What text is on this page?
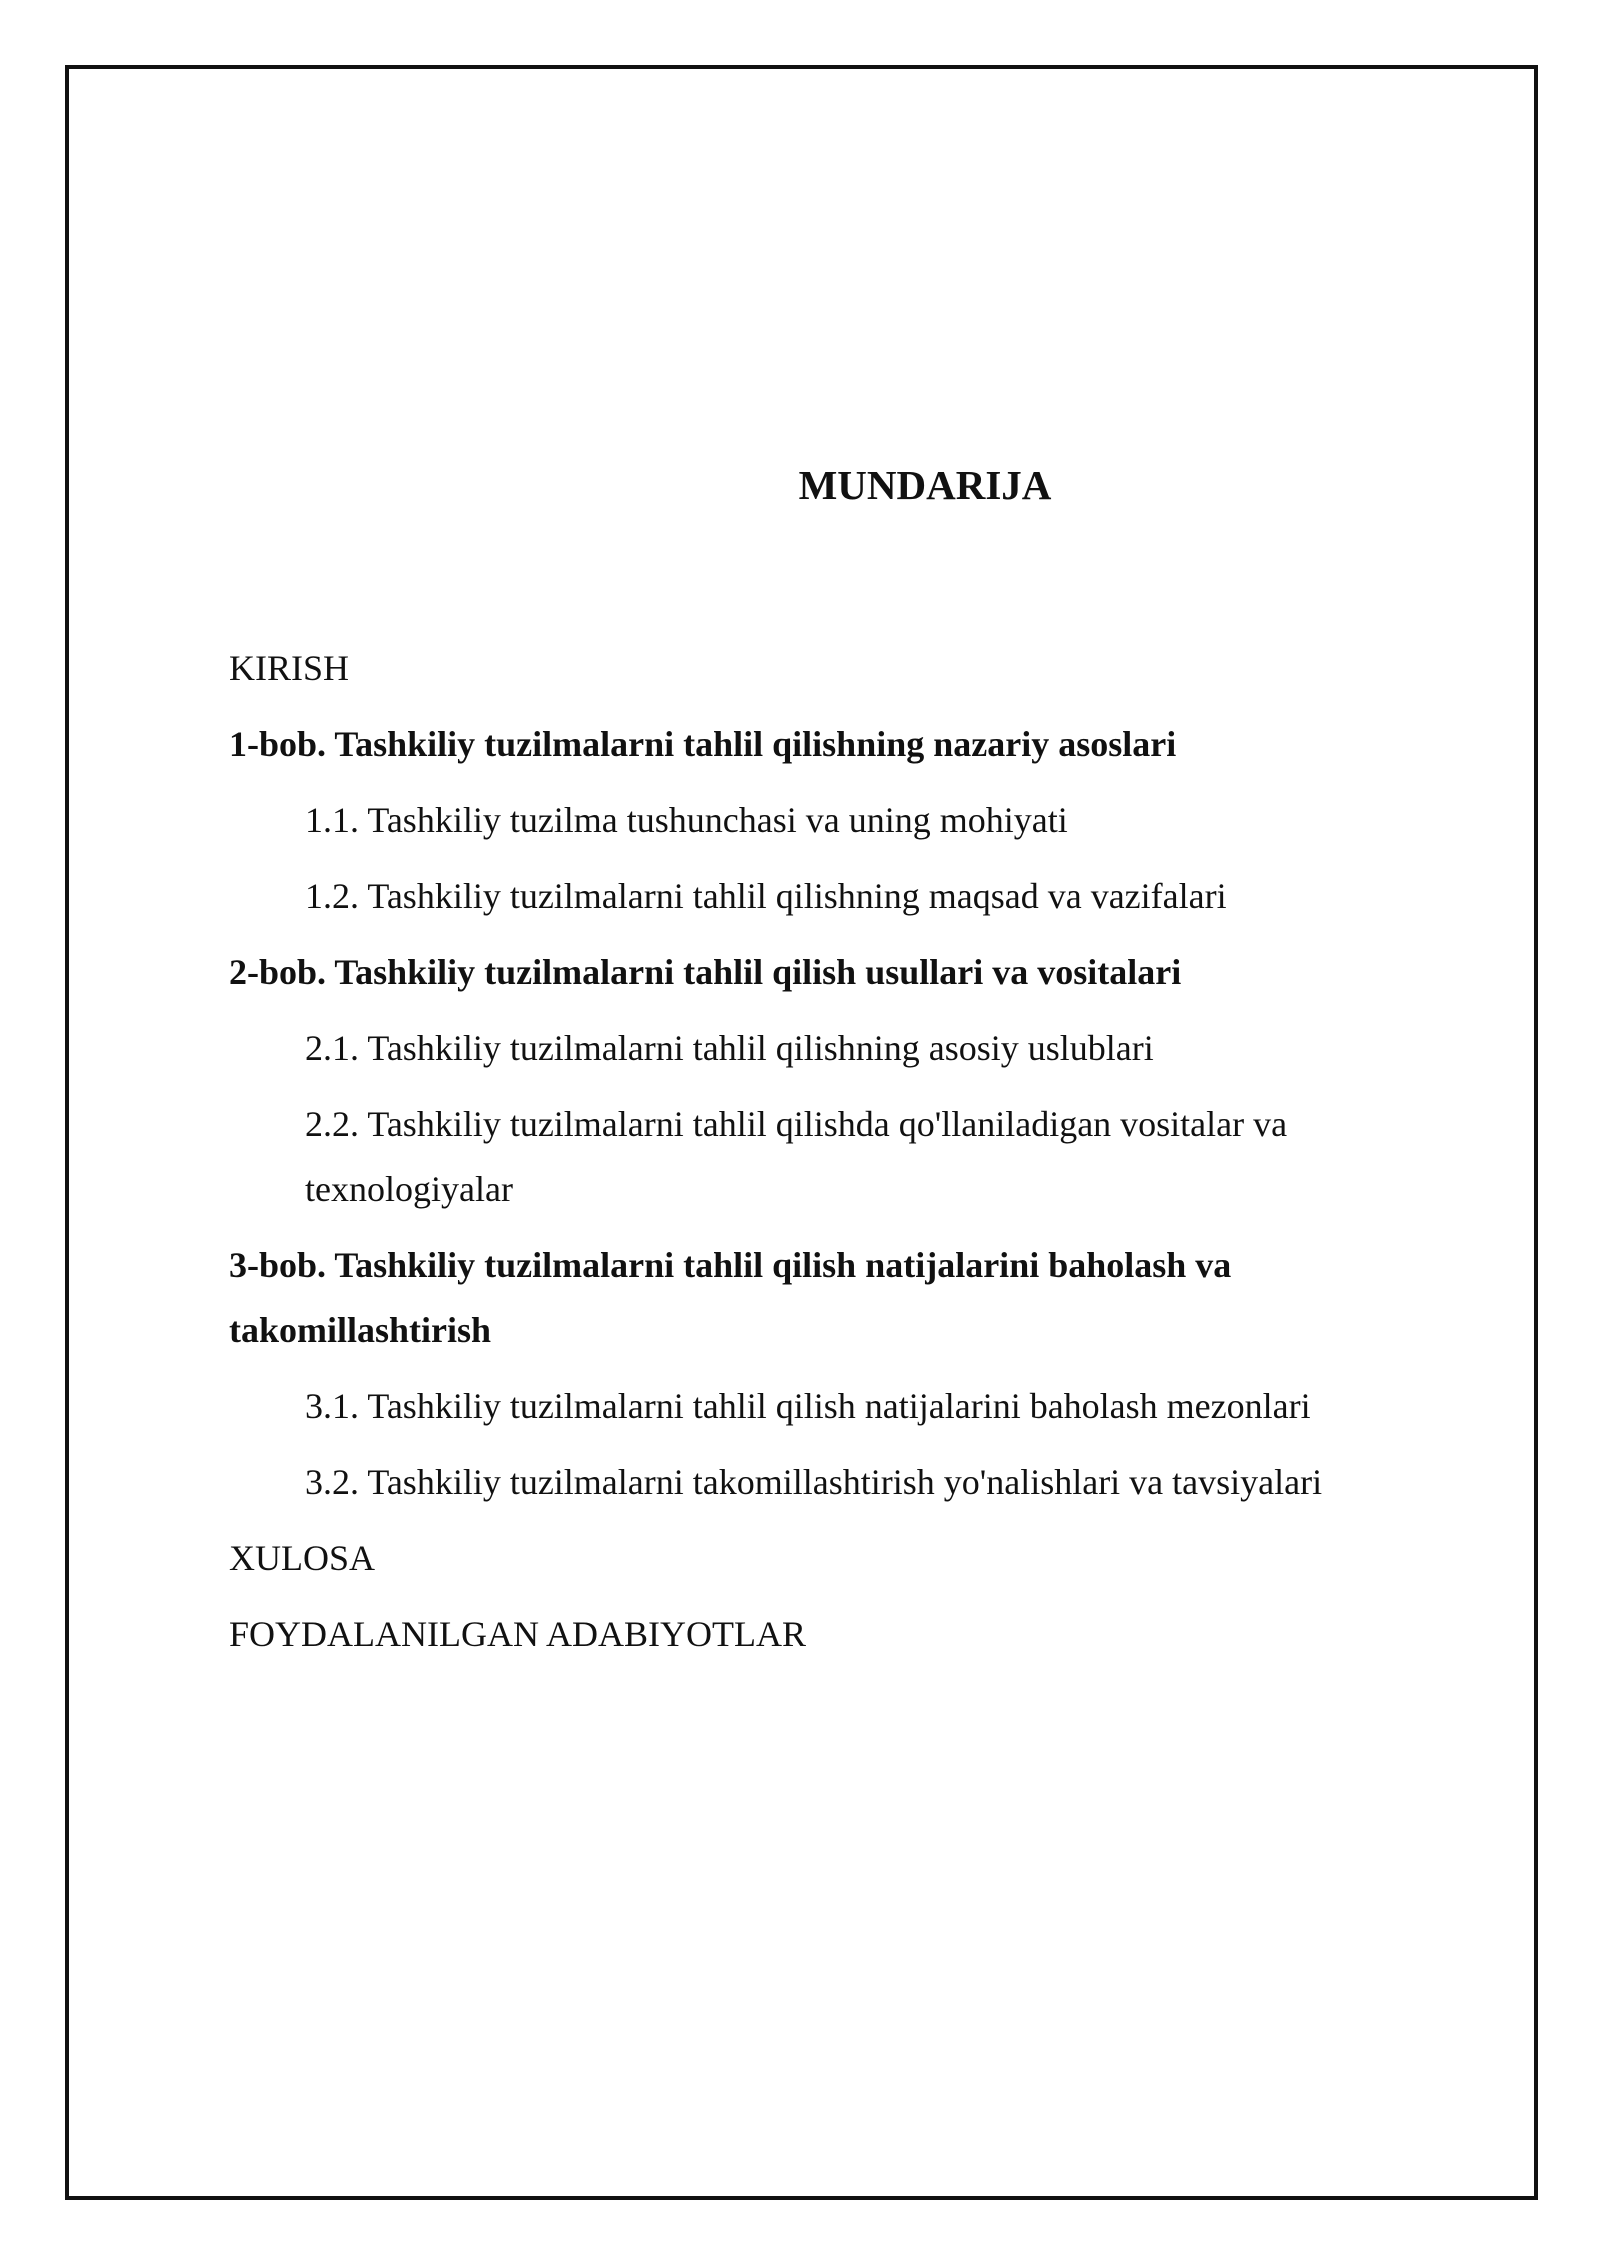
MUNDARIJA
KIRISH
1-bob. Tashkiliy tuzilmalarni tahlil qilishning nazariy asoslari
1.1. Tashkiliy tuzilma tushunchasi va uning mohiyati
1.2. Tashkiliy tuzilmalarni tahlil qilishning maqsad va vazifalari
2-bob. Tashkiliy tuzilmalarni tahlil qilish usullari va vositalari
2.1. Tashkiliy tuzilmalarni tahlil qilishning asosiy uslublari
2.2. Tashkiliy tuzilmalarni tahlil qilishda qo'llaniladigan vositalar va texnologiyalar
3-bob. Tashkiliy tuzilmalarni tahlil qilish natijalarini baholash va takomillashtirish
3.1. Tashkiliy tuzilmalarni tahlil qilish natijalarini baholash mezonlari
3.2. Tashkiliy tuzilmalarni takomillashtirish yo'nalishlari va tavsiyalari
XULOSA
FOYDALANILGAN ADABIYOTLAR
